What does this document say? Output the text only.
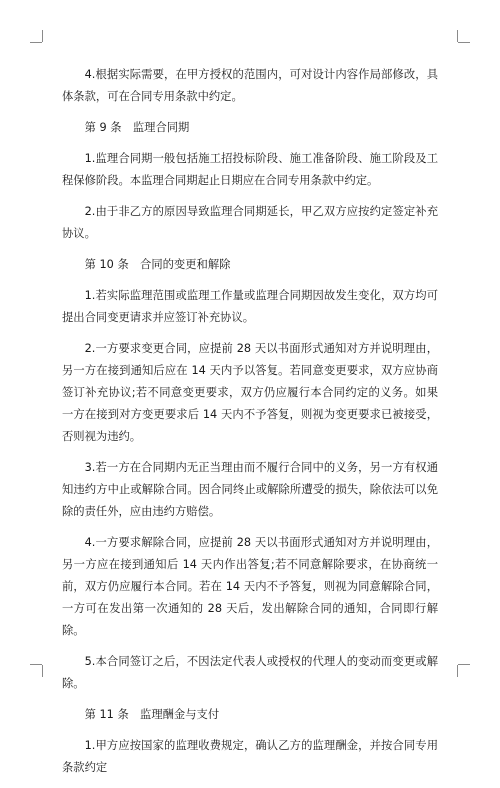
4.根据实际需要，在甲方授权的范围内，可对设计内容作局部修改，具体条款，可在合同专用条款中约定。

第 9 条　监理合同期

1.监理合同期一般包括施工招投标阶段、施工准备阶段、施工阶段及工程保修阶段。本监理合同期起止日期应在合同专用条款中约定。

2.由于非乙方的原因导致监理合同期延长，甲乙双方应按约定签定补充协议。

第 10 条　合同的变更和解除

1.若实际监理范围或监理工作量或监理合同期因故发生变化，双方均可提出合同变更请求并应签订补充协议。

2.一方要求变更合同，应提前 28 天以书面形式通知对方并说明理由，另一方在接到通知后应在 14 天内予以答复。若同意变更要求，双方应协商签订补充协议;若不同意变更要求，双方仍应履行本合同约定的义务。如果一方在接到对方变更要求后 14 天内不予答复，则视为变更要求已被接受，否则视为违约。

3.若一方在合同期内无正当理由而不履行合同中的义务，另一方有权通知违约方中止或解除合同。因合同终止或解除所遭受的损失，除依法可以免除的责任外，应由违约方赔偿。

4.一方要求解除合同，应提前 28 天以书面形式通知对方并说明理由，另一方应在接到通知后 14 天内作出答复;若不同意解除要求，在协商统一前，双方仍应履行本合同。若在 14 天内不予答复，则视为同意解除合同，一方可在发出第一次通知的 28 天后，发出解除合同的通知，合同即行解除。

5.本合同签订之后，不因法定代表人或授权的代理人的变动而变更或解除。

第 11 条　监理酬金与支付

1.甲方应按国家的监理收费规定，确认乙方的监理酬金，并按合同专用条款约定
